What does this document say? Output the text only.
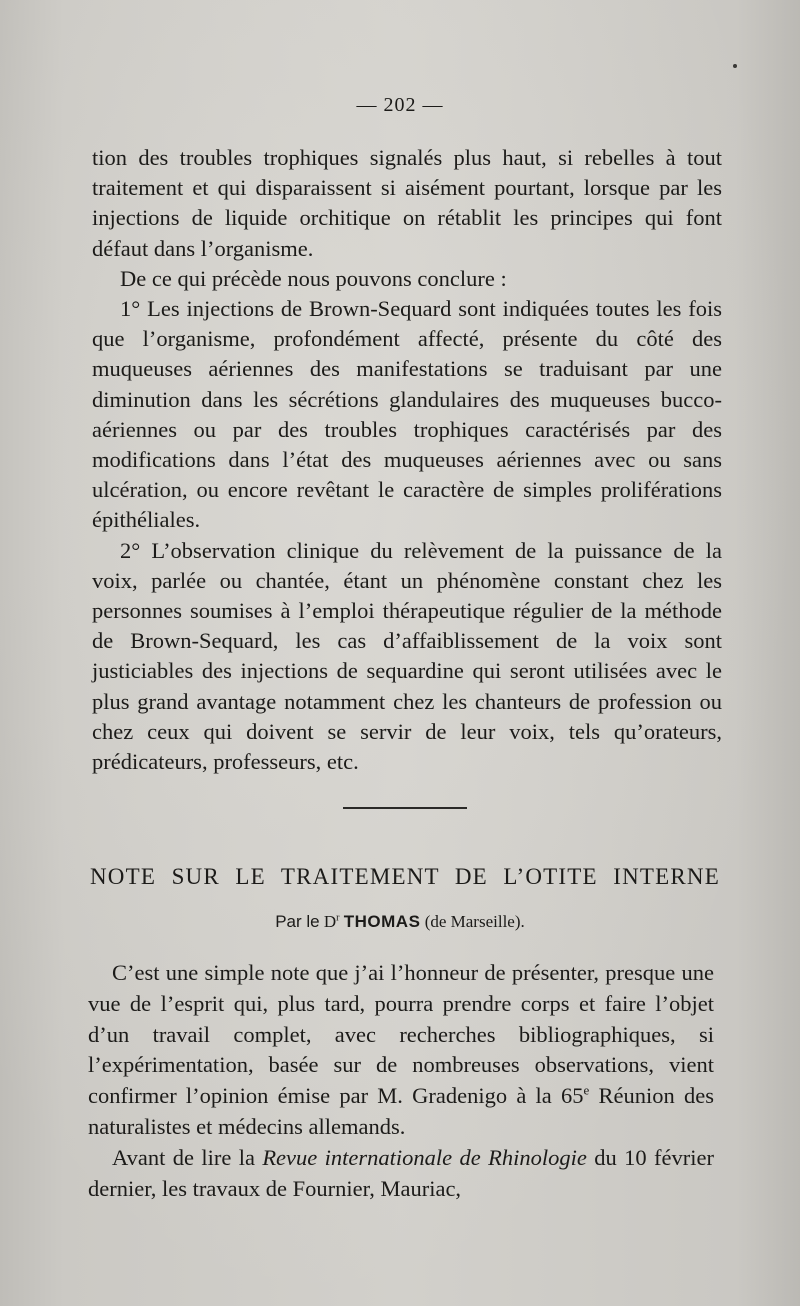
— 202 —

tion des troubles trophiques signalés plus haut, si rebelles à tout traitement et qui disparaissent si aisément pourtant, lorsque par les injections de liquide orchitique on rétablit les principes qui font défaut dans l’organisme.

De ce qui précède nous pouvons conclure :

1° Les injections de Brown-Sequard sont indiquées toutes les fois que l’organisme, profondément affecté, présente du côté des muqueuses aériennes des manifestations se traduisant par une diminution dans les sécrétions glandulaires des muqueuses bucco-aériennes ou par des troubles trophiques caractérisés par des modifications dans l’état des muqueuses aériennes avec ou sans ulcération, ou encore revêtant le caractère de simples proliférations épithéliales.

2° L’observation clinique du relèvement de la puissance de la voix, parlée ou chantée, étant un phénomène constant chez les personnes soumises à l’emploi thérapeutique régulier de la méthode de Brown-Sequard, les cas d’affaiblissement de la voix sont justiciables des injections de sequardine qui seront utilisées avec le plus grand avantage notamment chez les chanteurs de profession ou chez ceux qui doivent se servir de leur voix, tels qu’orateurs, prédicateurs, professeurs, etc.

NOTE SUR LE TRAITEMENT DE L’OTITE INTERNE
Par le $D^r$ THOMAS (de Marseille).

C’est une simple note que j’ai l’honneur de présenter, presque une vue de l’esprit qui, plus tard, pourra prendre corps et faire l’objet d’un travail complet, avec recherches bibliographiques, si l’expérimentation, basée sur de nombreuses observations, vient confirmer l’opinion émise par M. Gradenigo à la 65e Réunion des naturalistes et médecins allemands.

Avant de lire la Revue internationale de Rhinologie du 10 février dernier, les travaux de Fournier, Mauriac,
